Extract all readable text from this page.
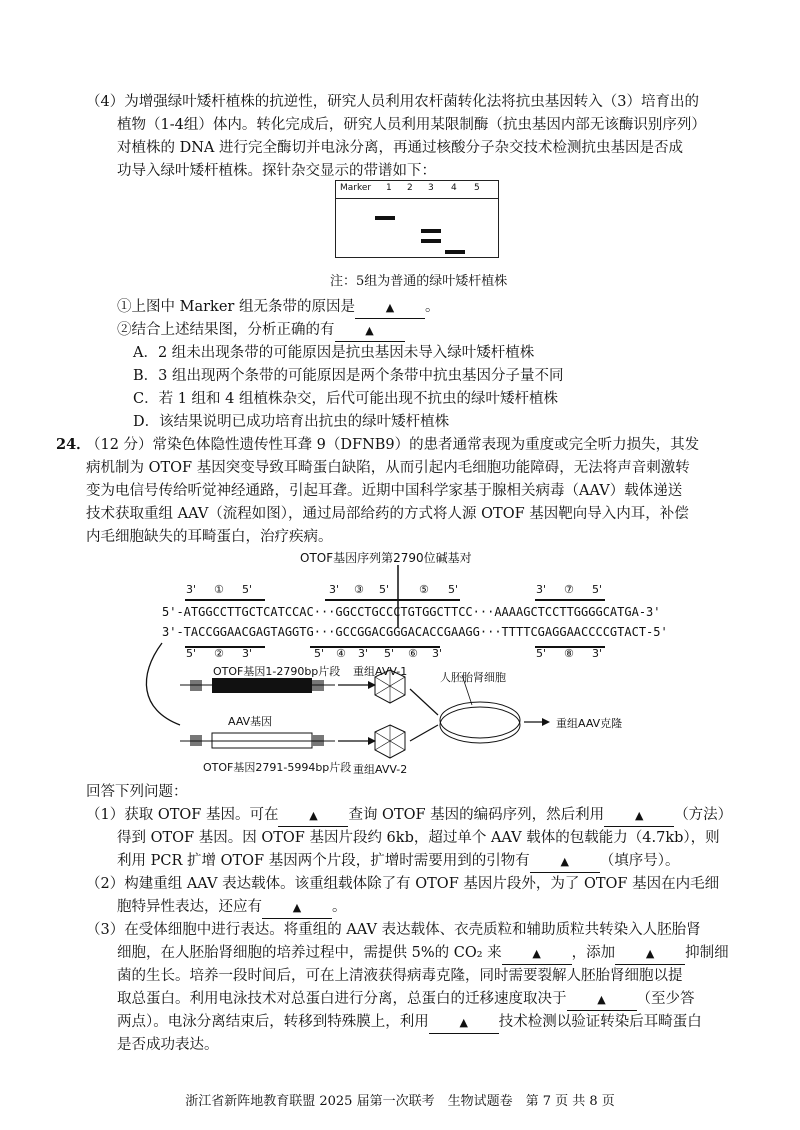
（4）为增强绿叶矮杆植株的抗逆性，研究人员利用农杆菌转化法将抗虫基因转入（3）培育出的
植物（1-4组）体内。转化完成后，研究人员利用某限制酶（抗虫基因内部无该酶识别序列）
对植株的 DNA 进行完全酶切并电泳分离，再通过核酸分子杂交技术检测抗虫基因是否成
功导入绿叶矮杆植株。探针杂交显示的带谱如下：
Marker 1 2 3 4 5
注：5组为普通的绿叶矮杆植株
①上图中 Marker 组无条带的原因是	▲ 。
②结合上述结果图，分析正确的有	▲
A．2 组未出现条带的可能原因是抗虫基因未导入绿叶矮杆植株
B．3 组出现两个条带的可能原因是两个条带中抗虫基因分子量不同
C．若 1 组和 4 组植株杂交，后代可能出现不抗虫的绿叶矮杆植株
D．该结果说明已成功培育出抗虫的绿叶矮杆植株
24．
（12 分）常染色体隐性遗传性耳聋 9（DFNB9）的患者通常表现为重度或完全听力损失，其发
病机制为 OTOF 基因突变导致耳畸蛋白缺陷，从而引起内毛细胞功能障碍，无法将声音刺激转
变为电信号传给听觉神经通路，引起耳聋。近期中国科学家基于腺相关病毒（AAV）载体递送
技术获取重组 AAV（流程如图），通过局部给药的方式将人源 OTOF 基因靶向导入内耳，补偿
内毛细胞缺失的耳畸蛋白，治疗疾病。
OTOF基因序列第2790位碱基对
3' ① 5'	3' ③ 5'	⑤ 5'	3' ⑦ 5'
5'-ATGGCCTTGCTCATCCAC···GGCCTGCCCTGTGGCTTCC···AAAAGCTCCTTGGGGCATGA-3'
3'-TACCGGAACGAGTAGGTG···GCCGGACGGGACACCGAAGG···TTTTCGAGGAACCCCGTACT-5'
5' ② 3'	5' ④ 3' 5' ⑥ 3'	5' ⑧ 3'
OTOF基因1-2790bp片段 重组AVV-1	人胚胎肾细胞
AAV基因	重组AAV克隆
OTOF基因2791-5994bp片段 重组AVV-2
回答下列问题：
（1）获取 OTOF 基因。可在	▲ 查询 OTOF 基因的编码序列，然后利用	▲ （方法）
得到 OTOF 基因。因 OTOF 基因片段约 6kb，超过单个 AAV 载体的包载能力（4.7kb），则
利用 PCR 扩增 OTOF 基因两个片段，扩增时需要用到的引物有	▲ （填序号）。
（2）构建重组 AAV 表达载体。该重组载体除了有 OTOF 基因片段外，为了 OTOF 基因在内毛细
胞特异性表达，还应有	▲ 。
（3）在受体细胞中进行表达。将重组的 AAV 表达载体、衣壳质粒和辅助质粒共转染入人胚胎肾
细胞，在人胚胎肾细胞的培养过程中，需提供 5%的 CO₂ 来	▲ ，添加	▲ 抑制细
菌的生长。培养一段时间后，可在上清液获得病毒克隆，同时需要裂解人胚胎肾细胞以提
取总蛋白。利用电泳技术对总蛋白进行分离，总蛋白的迁移速度取决于	▲ （至少答
两点）。电泳分离结束后，转移到特殊膜上，利用	▲ 技术检测以验证转染后耳畸蛋白
是否成功表达。
浙江省新阵地教育联盟 2025 届第一次联考　生物试题卷　第 7 页 共 8 页
